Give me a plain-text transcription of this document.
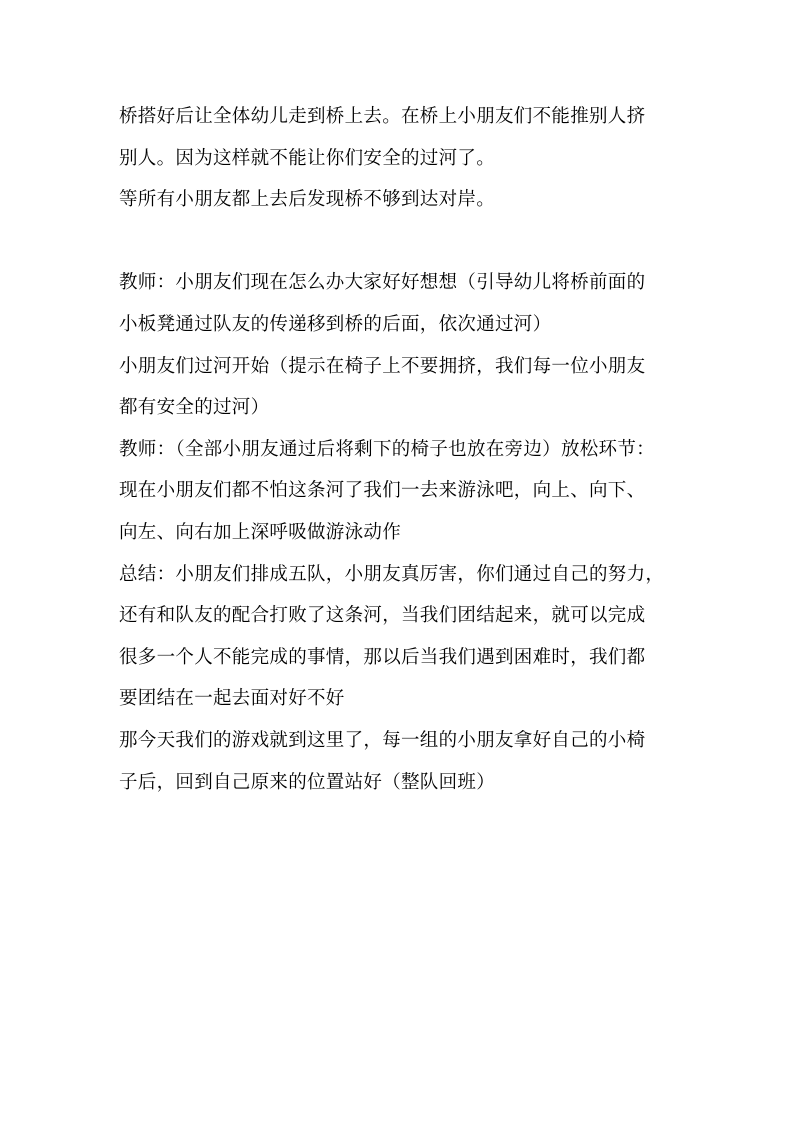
桥搭好后让全体幼儿走到桥上去。在桥上小朋友们不能推别人挤
别人。因为这样就不能让你们安全的过河了。
等所有小朋友都上去后发现桥不够到达对岸。
教师：小朋友们现在怎么办大家好好想想（引导幼儿将桥前面的
小板凳通过队友的传递移到桥的后面，依次通过河）
小朋友们过河开始（提示在椅子上不要拥挤，我们每一位小朋友
都有安全的过河）
教师：（全部小朋友通过后将剩下的椅子也放在旁边）放松环节：
现在小朋友们都不怕这条河了我们一去来游泳吧，向上、向下、
向左、向右加上深呼吸做游泳动作
总结：小朋友们排成五队，小朋友真厉害，你们通过自己的努力，
还有和队友的配合打败了这条河，当我们团结起来，就可以完成
很多一个人不能完成的事情，那以后当我们遇到困难时，我们都
要团结在一起去面对好不好
那今天我们的游戏就到这里了，每一组的小朋友拿好自己的小椅
子后，回到自己原来的位置站好（整队回班）
